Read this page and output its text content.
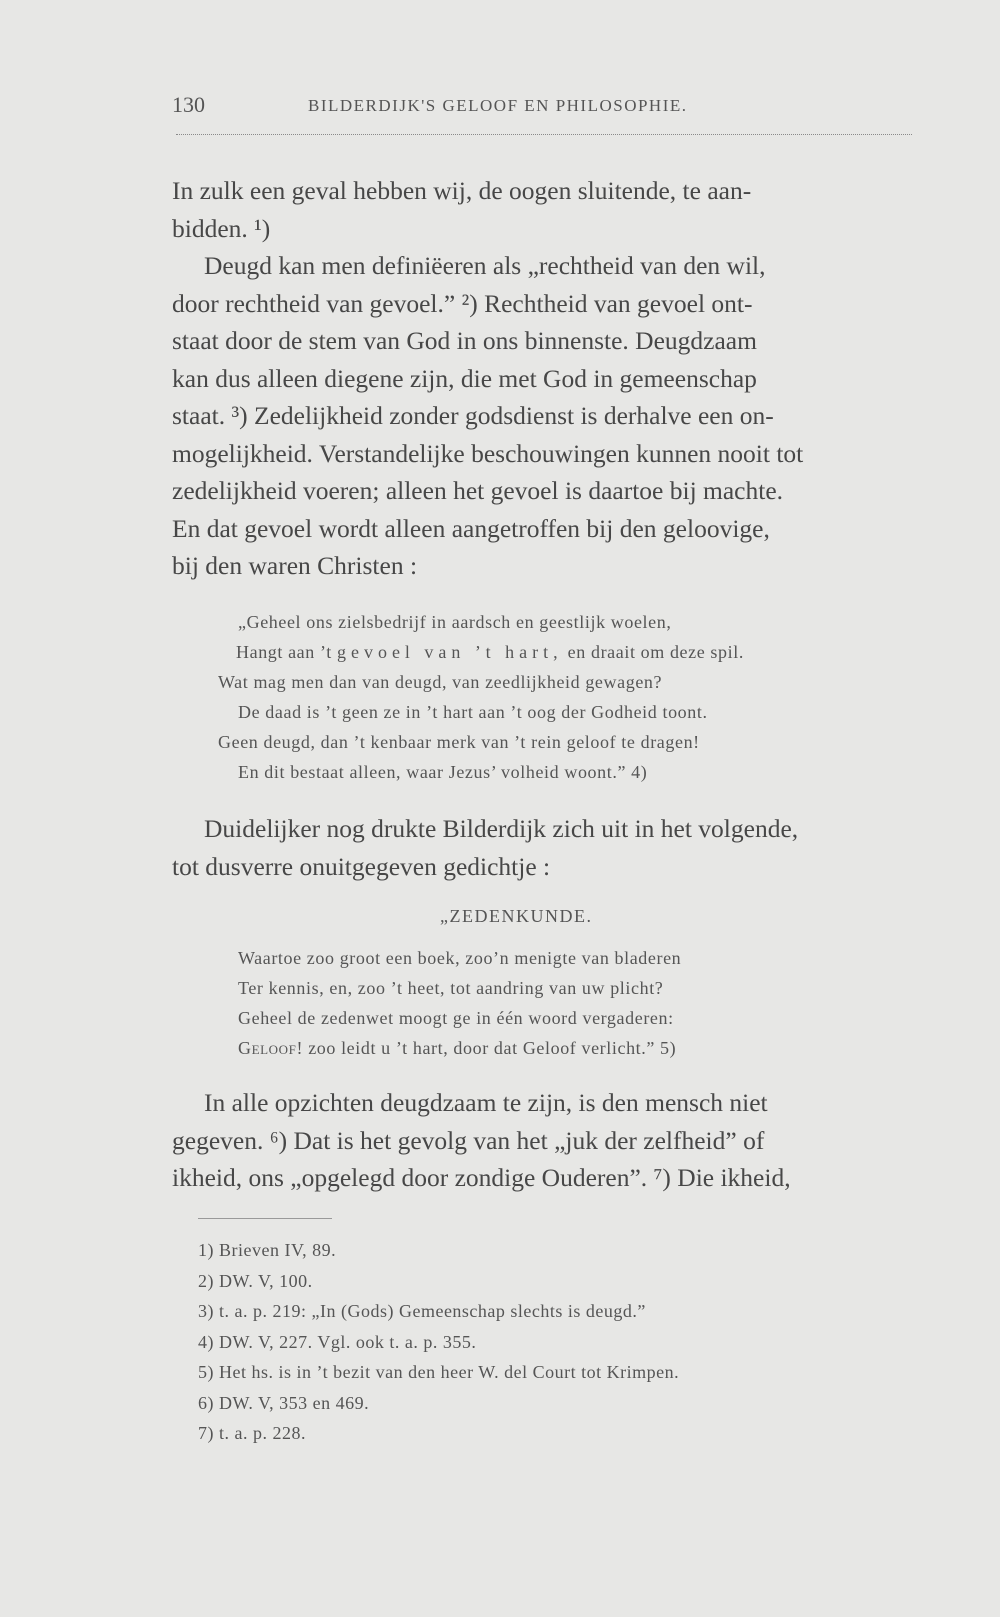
130	BILDERDIJK'S GELOOF EN PHILOSOPHIE.
In zulk een geval hebben wij, de oogen sluitende, te aan-
bidden. ¹)
Deugd kan men definiëeren als „rechtheid van den wil,
door rechtheid van gevoel.” ²) Rechtheid van gevoel ont-
staat door de stem van God in ons binnenste. Deugdzaam
kan dus alleen diegene zijn, die met God in gemeenschap
staat. ³) Zedelijkheid zonder godsdienst is derhalve een on-
mogelijkheid. Verstandelijke beschouwingen kunnen nooit tot
zedelijkheid voeren; alleen het gevoel is daartoe bij machte.
En dat gevoel wordt alleen aangetroffen bij den geloovige,
bij den waren Christen :
„Geheel ons zielsbedrijf in aardsch en geestlijk woelen,
Hangt aan ’t gevoel van ’t hart, en draait om deze spil.
Wat mag men dan van deugd, van zeedlijkheid gewagen?
De daad is ’t geen ze in ’t hart aan ’t oog der Godheid toont.
Geen deugd, dan ’t kenbaar merk van ’t rein geloof te dragen!
En dit bestaat alleen, waar Jezus’ volheid woont.” 4)
Duidelijker nog drukte Bilderdijk zich uit in het volgende,
tot dusverre onuitgegeven gedichtje :
„ZEDENKUNDE.
Waartoe zoo groot een boek, zoo’n menigte van bladeren
Ter kennis, en, zoo ’t heet, tot aandring van uw plicht?
Geheel de zedenwet moogt ge in één woord vergaderen:
Geloof! zoo leidt u ’t hart, door dat Geloof verlicht.” 5)
In alle opzichten deugdzaam te zijn, is den mensch niet
gegeven. ⁶) Dat is het gevolg van het „juk der zelfheid” of
ikheid, ons „opgelegd door zondige Ouderen”. ⁷) Die ikheid,
1) Brieven IV, 89.
2) DW. V, 100.
3) t. a. p. 219: „In (Gods) Gemeenschap slechts is deugd.”
4) DW. V, 227. Vgl. ook t. a. p. 355.
5) Het hs. is in ’t bezit van den heer W. del Court tot Krimpen.
6) DW. V, 353 en 469.
7) t. a. p. 228.
